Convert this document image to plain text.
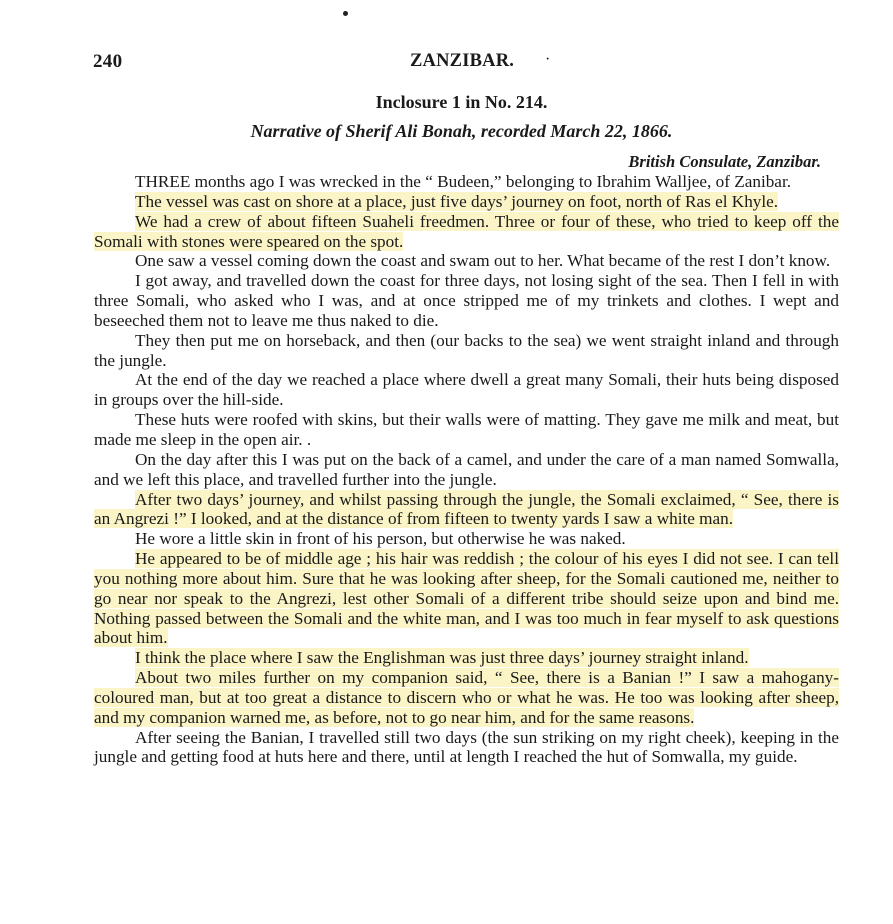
240	ZANZIBAR. ·
Inclosure 1 in No. 214.
Narrative of Sherif Ali Bonah, recorded March 22, 1866.
British Consulate, Zanzibar.

THREE months ago I was wrecked in the “ Budeen,” belonging to Ibrahim Walljee, of Zanibar.

The vessel was cast on shore at a place, just five days’ journey on foot, north of Ras el Khyle.

We had a crew of about fifteen Suaheli freedmen. Three or four of these, who tried to keep off the Somali with stones were speared on the spot.

One saw a vessel coming down the coast and swam out to her. What became of the rest I don’t know.

I got away, and travelled down the coast for three days, not losing sight of the sea. Then I fell in with three Somali, who asked who I was, and at once stripped me of my trinkets and clothes. I wept and beseeched them not to leave me thus naked to die.

They then put me on horseback, and then (our backs to the sea) we went straight inland and through the jungle.

At the end of the day we reached a place where dwell a great many Somali, their huts being disposed in groups over the hill-side.

These huts were roofed with skins, but their walls were of matting. They gave me milk and meat, but made me sleep in the open air. .

On the day after this I was put on the back of a camel, and under the care of a man named Somwalla, and we left this place, and travelled further into the jungle.

After two days’ journey, and whilst passing through the jungle, the Somali exclaimed, “ See, there is an Angrezi !” I looked, and at the distance of from fifteen to twenty yards I saw a white man.

He wore a little skin in front of his person, but otherwise he was naked.

He appeared to be of middle age ; his hair was reddish ; the colour of his eyes I did not see. I can tell you nothing more about him. Sure that he was looking after sheep, for the Somali cautioned me, neither to go near nor speak to the Angrezi, lest other Somali of a different tribe should seize upon and bind me. Nothing passed between the Somali and the white man, and I was too much in fear myself to ask questions about him.

I think the place where I saw the Englishman was just three days’ journey straight inland.

About two miles further on my companion said, “ See, there is a Banian !” I saw a mahogany-coloured man, but at too great a distance to discern who or what he was. He too was looking after sheep, and my companion warned me, as before, not to go near him, and for the same reasons.

After seeing the Banian, I travelled still two days (the sun striking on my right cheek), keeping in the jungle and getting food at huts here and there, until at length I reached the hut of Somwalla, my guide.
